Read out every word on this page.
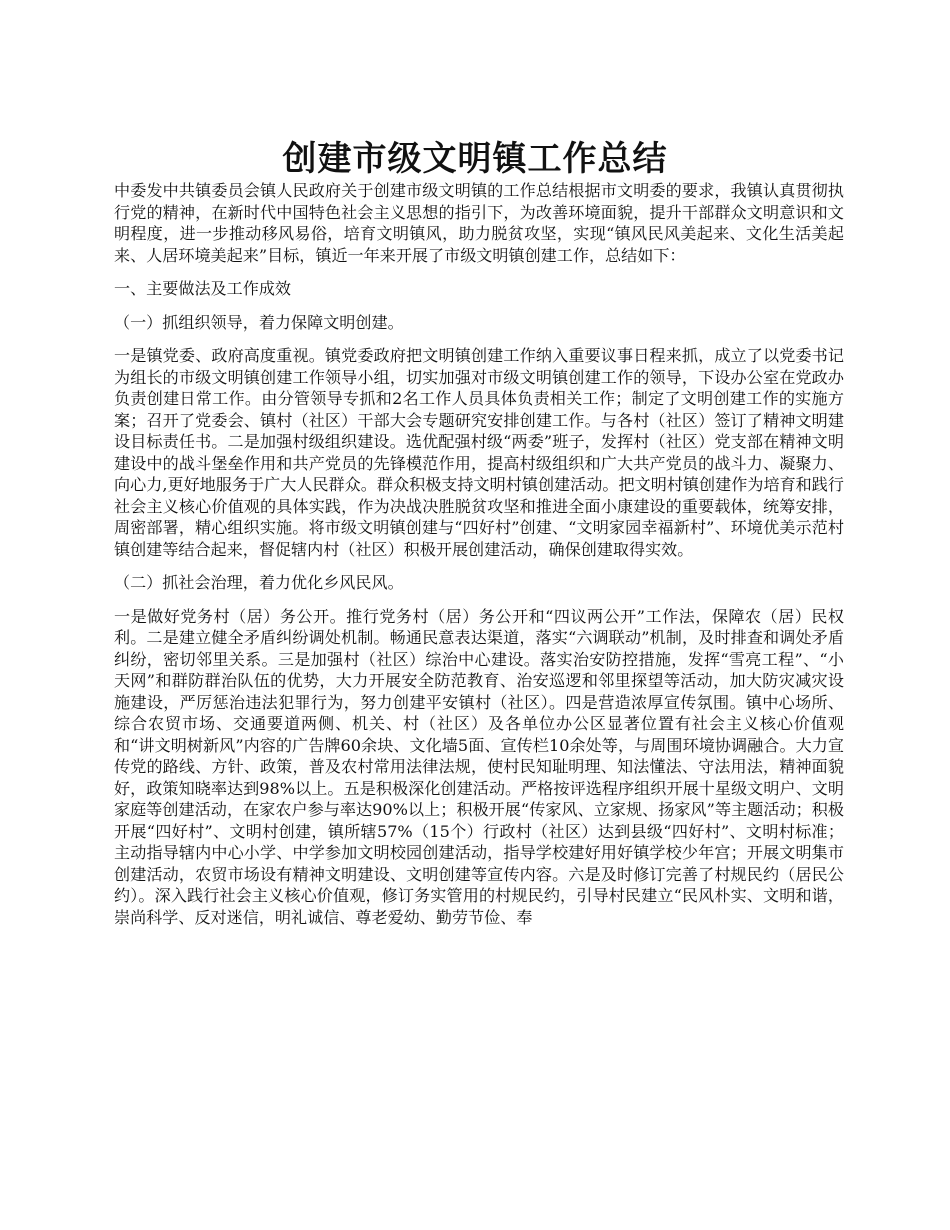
创建市级文明镇工作总结

中委发中共镇委员会镇人民政府关于创建市级文明镇的工作总结根据市文明委的要求，我镇认真贯彻执行党的精神，在新时代中国特色社会主义思想的指引下，为改善环境面貌，提升干部群众文明意识和文明程度，进一步推动移风易俗，培育文明镇风，助力脱贫攻坚，实现“镇风民风美起来、文化生活美起来、人居环境美起来”目标，镇近一年来开展了市级文明镇创建工作，总结如下：

一、主要做法及工作成效

（一）抓组织领导，着力保障文明创建。

一是镇党委、政府高度重视。镇党委政府把文明镇创建工作纳入重要议事日程来抓，成立了以党委书记为组长的市级文明镇创建工作领导小组，切实加强对市级文明镇创建工作的领导，下设办公室在党政办负责创建日常工作。由分管领导专抓和2名工作人员具体负责相关工作；制定了文明创建工作的实施方案；召开了党委会、镇村（社区）干部大会专题研究安排创建工作。与各村（社区）签订了精神文明建设目标责任书。二是加强村级组织建设。选优配强村级“两委”班子，发挥村（社区）党支部在精神文明建设中的战斗堡垒作用和共产党员的先锋模范作用，提高村级组织和广大共产党员的战斗力、凝聚力、向心力,更好地服务于广大人民群众。群众积极支持文明村镇创建活动。把文明村镇创建作为培育和践行社会主义核心价值观的具体实践，作为决战决胜脱贫攻坚和推进全面小康建设的重要载体，统筹安排，周密部署，精心组织实施。将市级文明镇创建与“四好村”创建、“文明家园幸福新村”、环境优美示范村镇创建等结合起来，督促辖内村（社区）积极开展创建活动，确保创建取得实效。

（二）抓社会治理，着力优化乡风民风。

一是做好党务村（居）务公开。推行党务村（居）务公开和“四议两公开”工作法，保障农（居）民权利。二是建立健全矛盾纠纷调处机制。畅通民意表达渠道，落实“六调联动”机制，及时排查和调处矛盾纠纷，密切邻里关系。三是加强村（社区）综治中心建设。落实治安防控措施，发挥“雪亮工程”、“小天网”和群防群治队伍的优势，大力开展安全防范教育、治安巡逻和邻里探望等活动，加大防灾减灾设施建设，严厉惩治违法犯罪行为，努力创建平安镇村（社区）。四是营造浓厚宣传氛围。镇中心场所、综合农贸市场、交通要道两侧、机关、村（社区）及各单位办公区显著位置有社会主义核心价值观和“讲文明树新风”内容的广告牌60余块、文化墙5面、宣传栏10余处等，与周围环境协调融合。大力宣传党的路线、方针、政策，普及农村常用法律法规，使村民知耻明理、知法懂法、守法用法，精神面貌好，政策知晓率达到98%以上。五是积极深化创建活动。严格按评选程序组织开展十星级文明户、文明家庭等创建活动，在家农户参与率达90%以上；积极开展“传家风、立家规、扬家风”等主题活动；积极开展“四好村”、文明村创建，镇所辖57%（15个）行政村（社区）达到县级“四好村”、文明村标准；主动指导辖内中心小学、中学参加文明校园创建活动，指导学校建好用好镇学校少年宫；开展文明集市创建活动，农贸市场设有精神文明建设、文明创建等宣传内容。六是及时修订完善了村规民约（居民公约）。深入践行社会主义核心价值观，修订务实管用的村规民约，引导村民建立“民风朴实、文明和谐，崇尚科学、反对迷信，明礼诚信、尊老爱幼、勤劳节俭、奉
